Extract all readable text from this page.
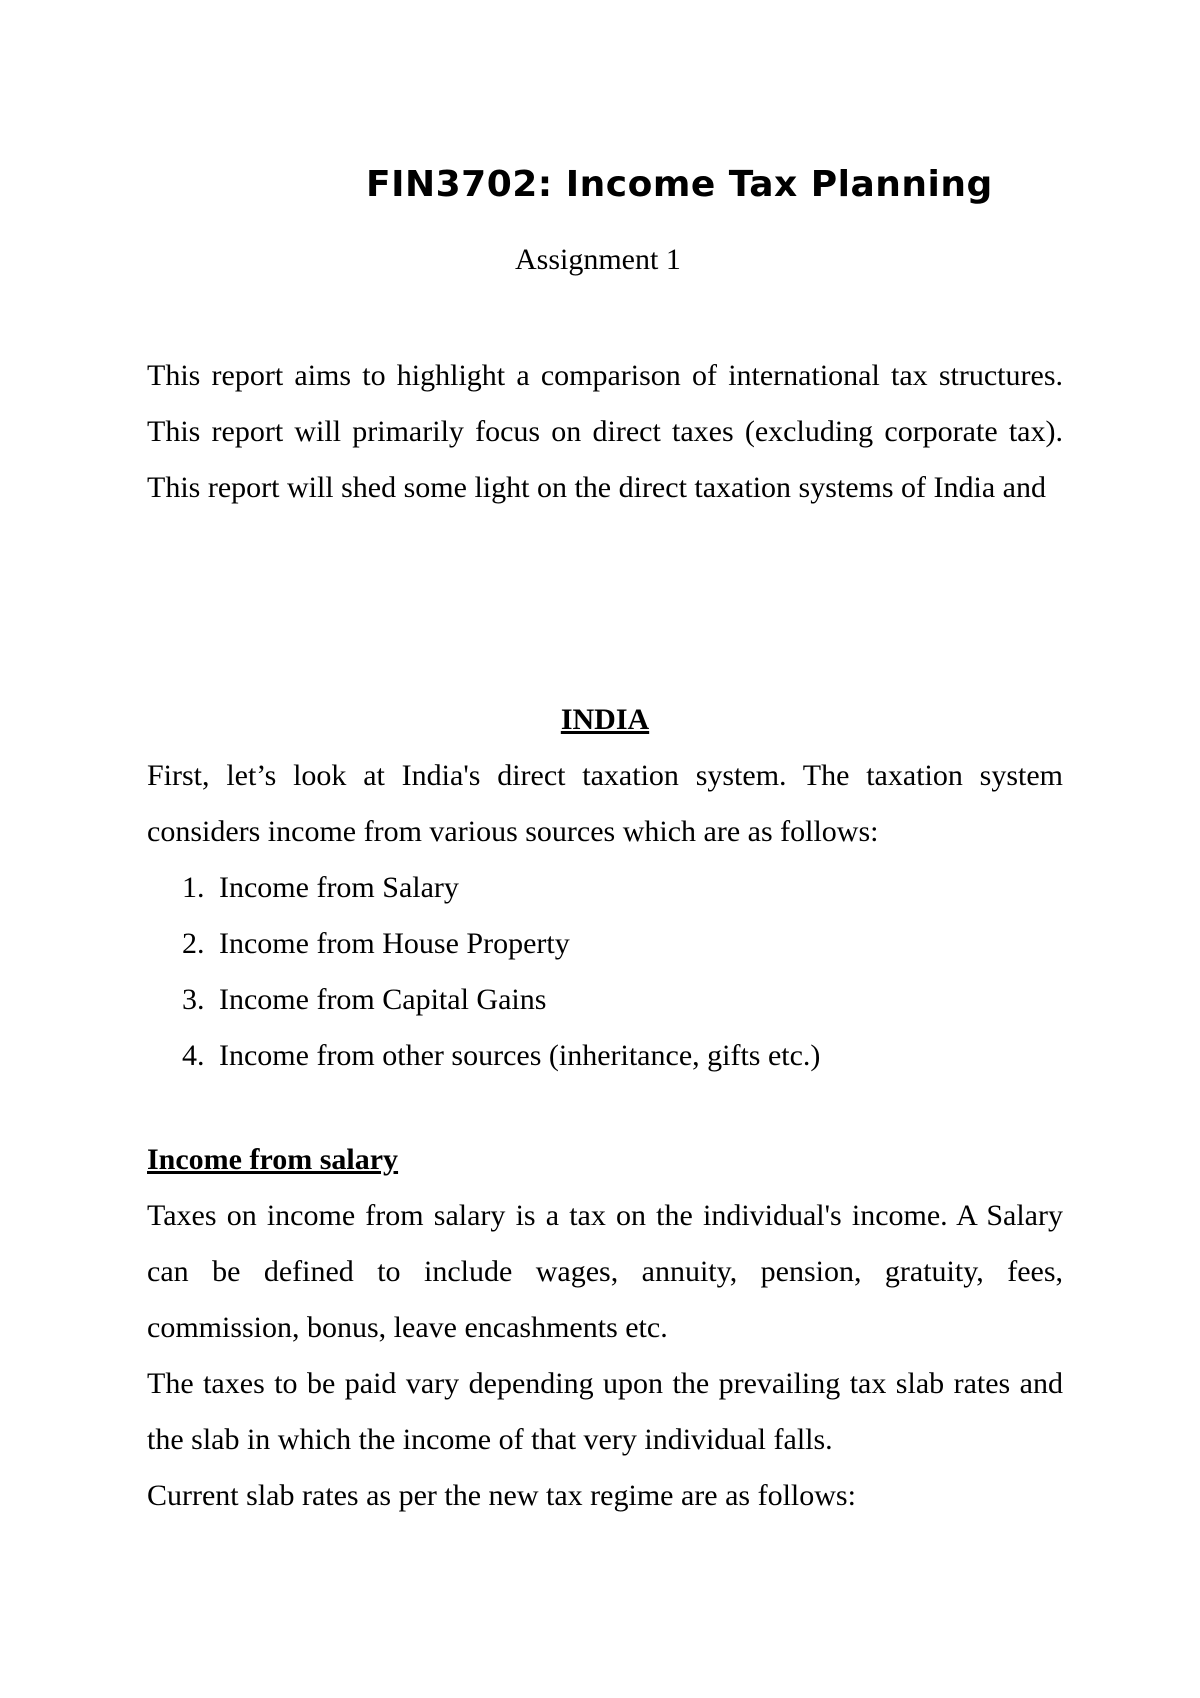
FIN3702: Income Tax Planning
Assignment 1
This report aims to highlight a comparison of international tax structures. This report will primarily focus on direct taxes (excluding corporate tax). This report will shed some light on the direct taxation systems of India and

INDIA

First, let’s look at India's direct taxation system. The taxation system considers income from various sources which are as follows:

1. Income from Salary
2. Income from House Property
3. Income from Capital Gains
4. Income from other sources (inheritance, gifts etc.)

Income from salary

Taxes on income from salary is a tax on the individual's income. A Salary can be defined to include wages, annuity, pension, gratuity, fees, commission, bonus, leave encashments etc.

The taxes to be paid vary depending upon the prevailing tax slab rates and the slab in which the income of that very individual falls.

Current slab rates as per the new tax regime are as follows:
